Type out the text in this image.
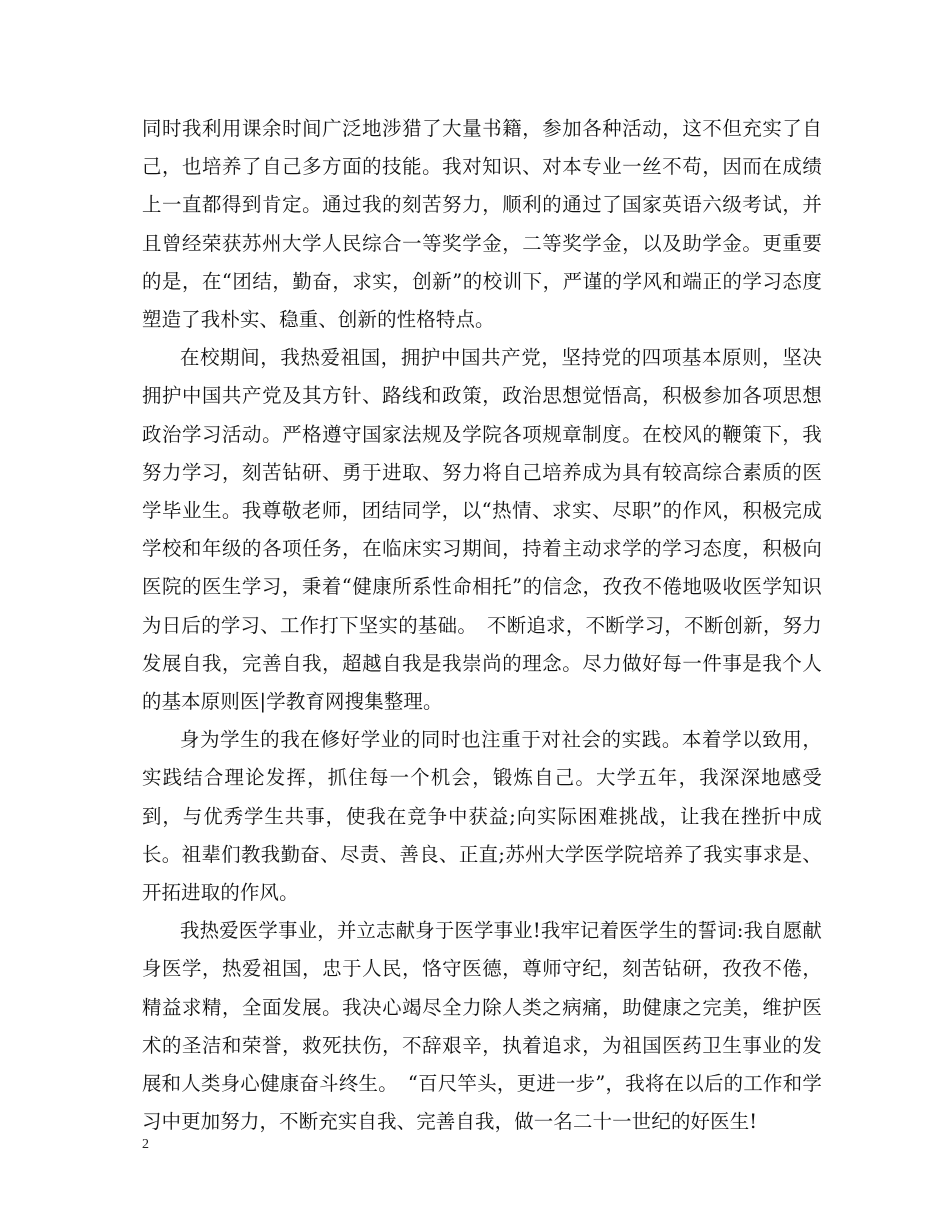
同时我利用课余时间广泛地涉猎了大量书籍，参加各种活动，这不但充实了自己，也培养了自己多方面的技能。我对知识、对本专业一丝不苟，因而在成绩上一直都得到肯定。通过我的刻苦努力，顺利的通过了国家英语六级考试，并且曾经荣获苏州大学人民综合一等奖学金，二等奖学金，以及助学金。更重要的是，在“团结，勤奋，求实，创新”的校训下，严谨的学风和端正的学习态度塑造了我朴实、稳重、创新的性格特点。

在校期间，我热爱祖国，拥护中国共产党，坚持党的四项基本原则，坚决拥护中国共产党及其方针、路线和政策，政治思想觉悟高，积极参加各项思想政治学习活动。严格遵守国家法规及学院各项规章制度。在校风的鞭策下，我努力学习，刻苦钻研、勇于进取、努力将自己培养成为具有较高综合素质的医学毕业生。我尊敬老师，团结同学，以“热情、求实、尽职”的作风，积极完成学校和年级的各项任务，在临床实习期间，持着主动求学的学习态度，积极向医院的医生学习，秉着“健康所系性命相托”的信念，孜孜不倦地吸收医学知识为日后的学习、工作打下坚实的基础。　不断追求，不断学习，不断创新，努力发展自我，完善自我，超越自我是我崇尚的理念。尽力做好每一件事是我个人的基本原则医|学教育网搜集整理。

身为学生的我在修好学业的同时也注重于对社会的实践。本着学以致用，实践结合理论发挥，抓住每一个机会，锻炼自己。大学五年，我深深地感受到，与优秀学生共事，使我在竞争中获益;向实际困难挑战，让我在挫折中成长。祖辈们教我勤奋、尽责、善良、正直;苏州大学医学院培养了我实事求是、开拓进取的作风。

我热爱医学事业，并立志献身于医学事业!我牢记着医学生的誓词:我自愿献身医学，热爱祖国，忠于人民，恪守医德，尊师守纪，刻苦钻研，孜孜不倦，精益求精，全面发展。我决心竭尽全力除人类之病痛，助健康之完美，维护医术的圣洁和荣誉，救死扶伤，不辞艰辛，执着追求，为祖国医药卫生事业的发展和人类身心健康奋斗终生。　“百尺竿头，更进一步”，我将在以后的工作和学习中更加努力，不断充实自我、完善自我，做一名二十一世纪的好医生!

2
